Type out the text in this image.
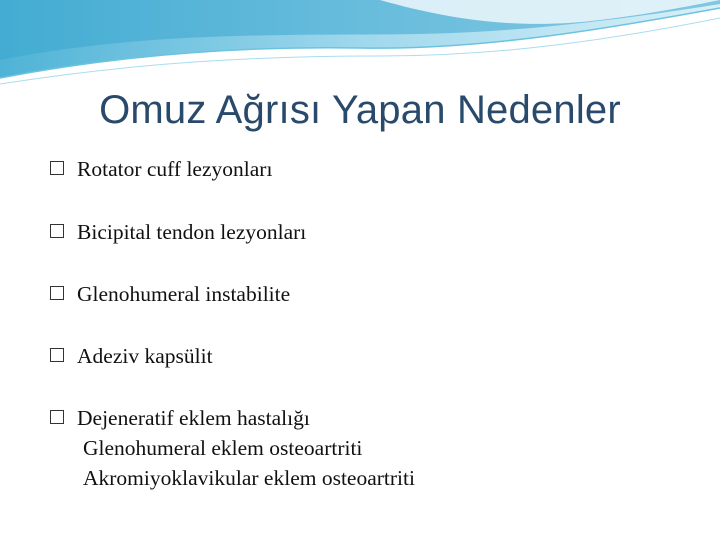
Omuz Ağrısı Yapan Nedenler
Rotator cuff lezyonları
Bicipital tendon lezyonları
Glenohumeral instabilite
Adeziv kapsülit
Dejeneratif eklem hastalığı
Glenohumeral eklem osteoartriti
Akromiyoklavikular eklem osteoartriti
